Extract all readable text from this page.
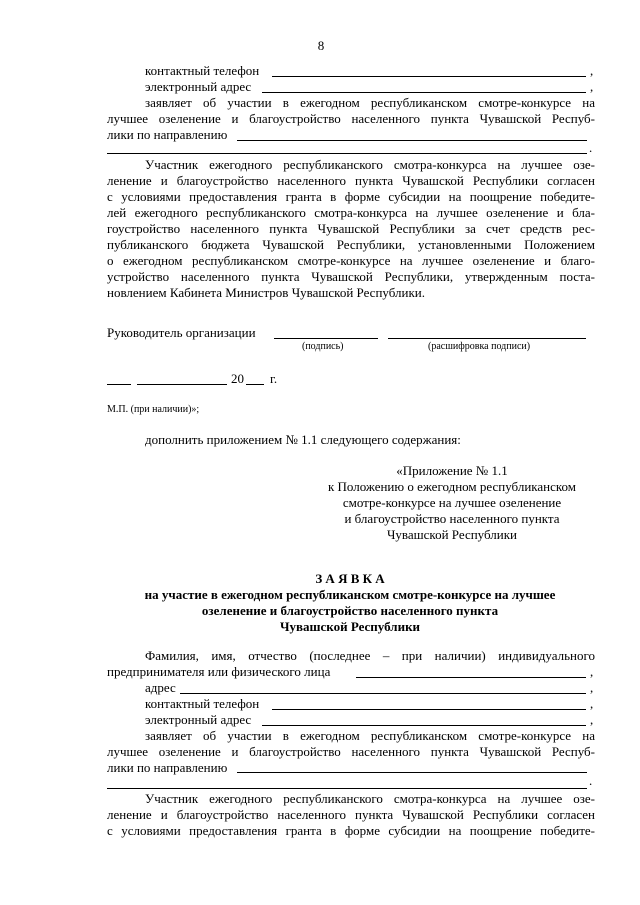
8
контактный телефон	,
электронный адрес	,
заявляет об участии в ежегодном республиканском смотре-конкурсе на
лучшее озеленение и благоустройство населенного пункта Чувашской Респуб-
лики по направлению
.
Участник ежегодного республиканского смотра-конкурса на лучшее озе-
ленение и благоустройство населенного пункта Чувашской Республики согласен
с условиями предоставления гранта в форме субсидии на поощрение победите-
лей ежегодного республиканского смотра-конкурса на лучшее озеленение и бла-
гоустройство населенного пункта Чувашской Республики за счет средств рес-
публиканского бюджета Чувашской Республики, установленными Положением
о ежегодном республиканском смотре-конкурсе на лучшее озеленение и благо-
устройство населенного пункта Чувашской Республики, утвержденным поста-
новлением Кабинета Министров Чувашской Республики.
Руководитель организации
(подпись)	(расшифровка подписи)
20 г.
М.П. (при наличии)»;
дополнить приложением № 1.1 следующего содержания:
«Приложение № 1.1
к Положению о ежегодном республиканском
смотре-конкурсе на лучшее озеленение
и благоустройство населенного пункта
Чувашской Республики
З А Я В К А
на участие в ежегодном республиканском смотре-конкурсе на лучшее
озеленение и благоустройство населенного пункта
Чувашской Республики
Фамилия, имя, отчество (последнее – при наличии) индивидуального
предпринимателя или физического лица	,
адрес	,
контактный телефон	,
электронный адрес	,
заявляет об участии в ежегодном республиканском смотре-конкурсе на
лучшее озеленение и благоустройство населенного пункта Чувашской Респуб-
лики по направлению
.
Участник ежегодного республиканского смотра-конкурса на лучшее озе-
ленение и благоустройство населенного пункта Чувашской Республики согласен
с условиями предоставления гранта в форме субсидии на поощрение победите-
